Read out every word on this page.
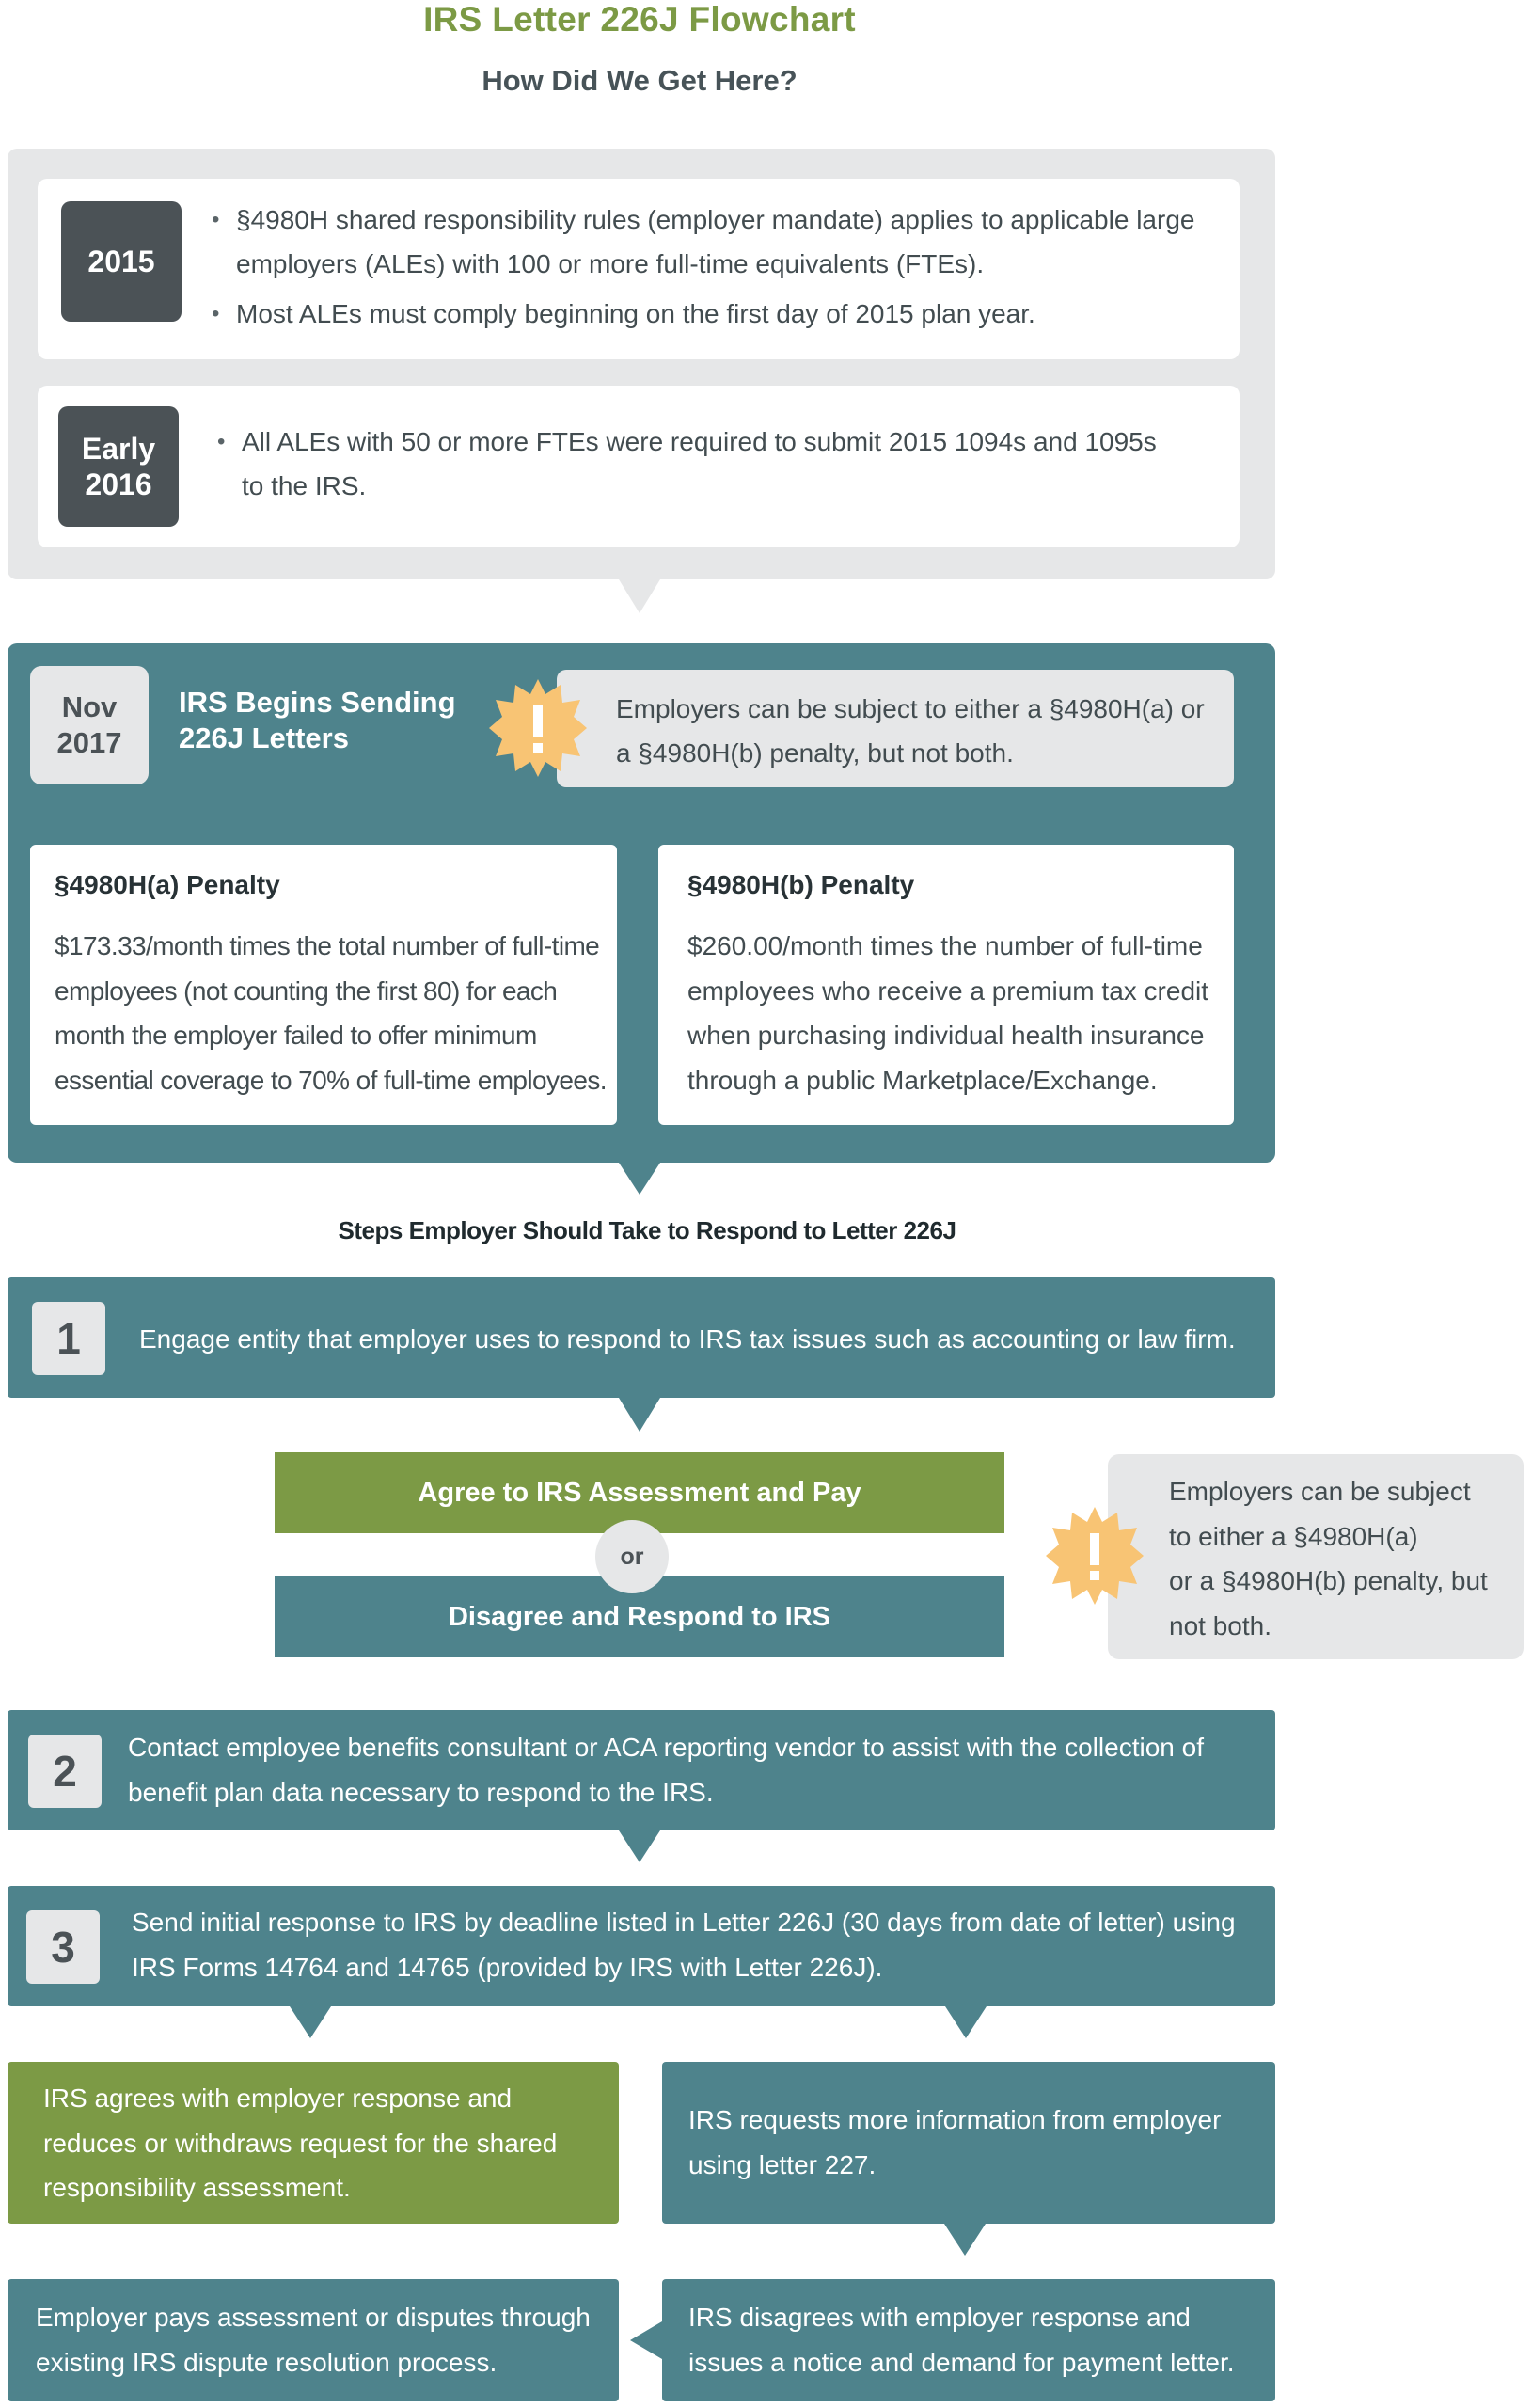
IRS Letter 226J Flowchart
How Did We Get Here?
2015
• §4980H shared responsibility rules (employer mandate) applies to applicable large employers (ALEs) with 100 or more full-time equivalents (FTEs).
• Most ALEs must comply beginning on the first day of 2015 plan year.
Early
2016
• All ALEs with 50 or more FTEs were required to submit 2015 1094s and 1095s to the IRS.
Nov
2017
IRS Begins Sending
226J Letters
Employers can be subject to either a §4980H(a) or a §4980H(b) penalty, but not both.
§4980H(a) Penalty
$173.33/month times the total number of full-time employees (not counting the first 80) for each month the employer failed to offer minimum essential coverage to 70% of full-time employees.
§4980H(b) Penalty
$260.00/month times the number of full-time employees who receive a premium tax credit when purchasing individual health insurance through a public Marketplace/Exchange.
Steps Employer Should Take to Respond to Letter 226J
1	Engage entity that employer uses to respond to IRS tax issues such as accounting or law firm.
Agree to IRS Assessment and Pay
Disagree and Respond to IRS
or
Employers can be subject
to either a §4980H(a)
or a §4980H(b) penalty, but
not both.
2	Contact employee benefits consultant or ACA reporting vendor to assist with the collection of benefit plan data necessary to respond to the IRS.
3
Send initial response to IRS by deadline listed in Letter 226J (30 days from date of letter) using IRS Forms 14764 and 14765 (provided by IRS with Letter 226J).
IRS agrees with employer response and reduces or withdraws request for the shared responsibility assessment.
IRS requests more information from employer using letter 227.
Employer pays assessment or disputes through existing IRS dispute resolution process.
IRS disagrees with employer response and issues a notice and demand for payment letter.
